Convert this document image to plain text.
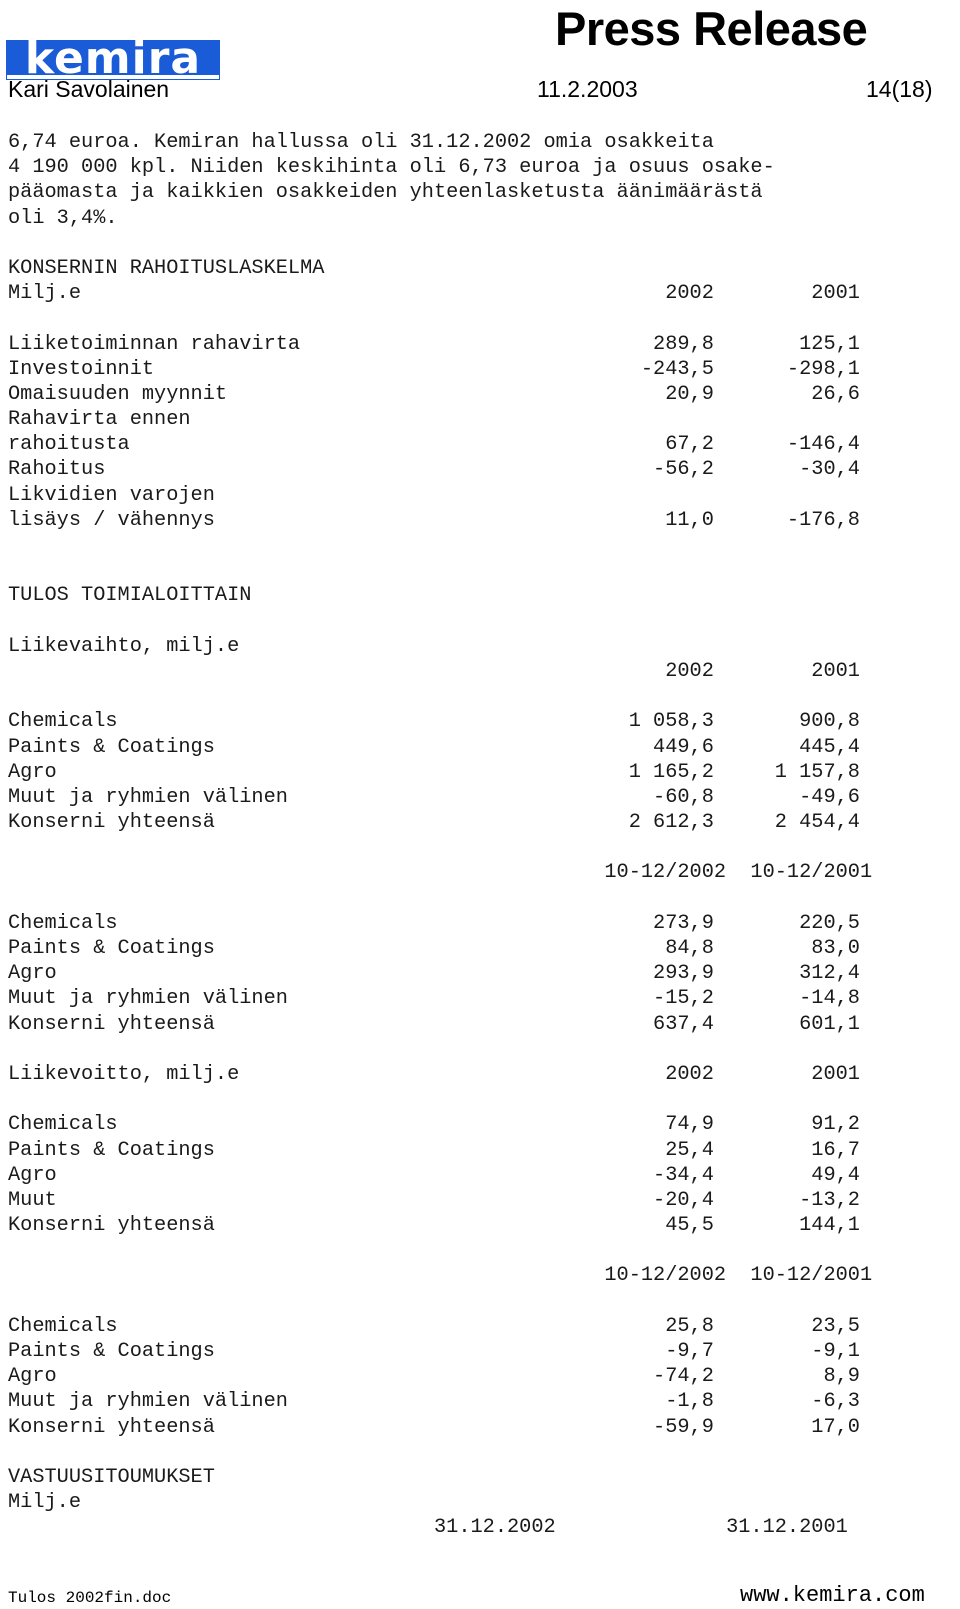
kemira

Press Release
Kari Savolainen	11.2.2003	14(18)
6,74 euroa. Kemiran hallussa oli 31.12.2002 omia osakkeita
4 190 000 kpl. Niiden keskihinta oli 6,73 euroa ja osuus osake-
pääomasta ja kaikkien osakkeiden yhteenlasketusta äänimäärästä
oli 3,4%.
KONSERNIN RAHOITUSLASKELMA
Milj.e                                                2002        2001
Liiketoiminnan rahavirta                             289,8       125,1
Investoinnit                                        -243,5      -298,1
Omaisuuden myynnit                                    20,9        26,6
Rahavirta ennen
rahoitusta                                            67,2      -146,4
Rahoitus                                             -56,2       -30,4
Likvidien varojen
lisäys / vähennys                                     11,0      -176,8
TULOS TOIMIALOITTAIN
Liikevaihto, milj.e
2002        2001
Chemicals                                          1 058,3       900,8
Paints & Coatings                                    449,6       445,4
Agro                                               1 165,2     1 157,8
Muut ja ryhmien välinen                              -60,8       -49,6
Konserni yhteensä                                  2 612,3     2 454,4
10-12/2002  10-12/2001
Chemicals                                            273,9       220,5
Paints & Coatings                                     84,8        83,0
Agro                                                 293,9       312,4
Muut ja ryhmien välinen                              -15,2       -14,8
Konserni yhteensä                                    637,4       601,1
Liikevoitto, milj.e                                   2002        2001
Chemicals                                             74,9        91,2
Paints & Coatings                                     25,4        16,7
Agro                                                 -34,4        49,4
Muut                                                 -20,4       -13,2
Konserni yhteensä                                     45,5       144,1
10-12/2002  10-12/2001
Chemicals                                             25,8        23,5
Paints & Coatings                                     -9,7        -9,1
Agro                                                 -74,2         8,9
Muut ja ryhmien välinen                               -1,8        -6,3
Konserni yhteensä                                    -59,9        17,0
VASTUUSITOUMUKSET
Milj.e
31.12.2002              31.12.2001
Tulos 2002fin.doc	www.kemira.com
